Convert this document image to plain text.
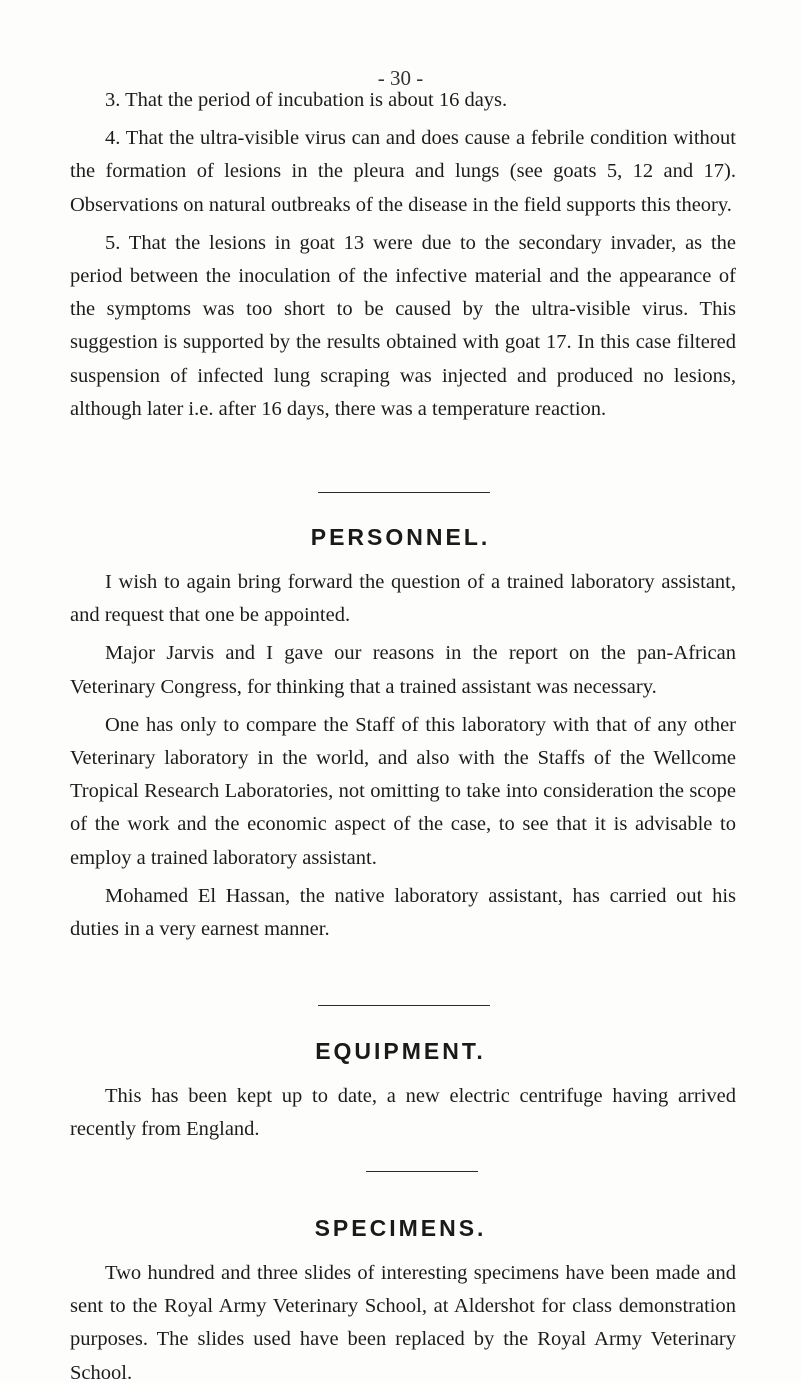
- 30 -

3. That the period of incubation is about 16 days.

4. That the ultra-visible virus can and does cause a febrile condition without the formation of lesions in the pleura and lungs (see goats 5, 12 and 17). Observations on natural outbreaks of the disease in the field supports this theory.

5. That the lesions in goat 13 were due to the secondary invader, as the period between the inoculation of the infective material and the appearance of the symptoms was too short to be caused by the ultra-visible virus. This suggestion is supported by the results obtained with goat 17. In this case filtered suspension of infected lung scraping was injected and produced no lesions, although later i.e. after 16 days, there was a temperature reaction.

PERSONNEL.

I wish to again bring forward the question of a trained laboratory assistant, and request that one be appointed.

Major Jarvis and I gave our reasons in the report on the pan-African Veterinary Congress, for thinking that a trained assistant was necessary.

One has only to compare the Staff of this laboratory with that of any other Veterinary laboratory in the world, and also with the Staffs of the Wellcome Tropical Research Laboratories, not omitting to take into consideration the scope of the work and the economic aspect of the case, to see that it is advisable to employ a trained laboratory assistant.

Mohamed El Hassan, the native laboratory assistant, has carried out his duties in a very earnest manner.

EQUIPMENT.

This has been kept up to date, a new electric centrifuge having arrived recently from England.

SPECIMENS.

Two hundred and three slides of interesting specimens have been made and sent to the Royal Army Veterinary School, at Aldershot for class demonstration purposes. The slides used have been replaced by the Royal Army Veterinary School.
